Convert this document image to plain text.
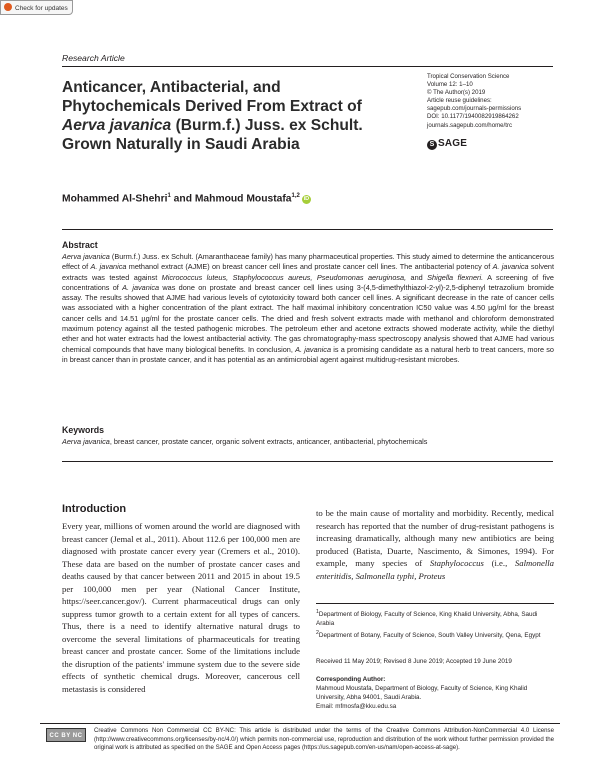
Check for updates
Research Article
Anticancer, Antibacterial, and
Phytochemicals Derived From Extract of
Aerva javanica (Burm.f.) Juss. ex Schult.
Grown Naturally in Saudi Arabia
Tropical Conservation Science
Volume 12: 1–10
© The Author(s) 2019
Article reuse guidelines:
sagepub.com/journals-permissions
DOI: 10.1177/1940082919864262
journals.sagepub.com/home/trc
S SAGE
Mohammed Al-Shehri$^1$ and Mahmoud Moustafa$^{1,2}$iD
Abstract
Aerva javanica (Burm.f.) Juss. ex Schult. (Amaranthaceae family) has many pharmaceutical properties. This study aimed to determine the anticancerous effect of A. javanica methanol extract (AJME) on breast cancer cell lines and prostate cancer cell lines. The antibacterial potency of A. javanica solvent extracts was tested against Micrococcus luteus, Staphylococcus aureus, Pseudomonas aeruginosa, and Shigella flexneri. A screening of five concentrations of A. javanica was done on prostate and breast cancer cell lines using 3-(4,5-dimethylthiazol-2-yl)-2,5-diphenyl tetrazolium bromide assay. The results showed that AJME had various levels of cytotoxicity toward both cancer cell lines. A significant decrease in the rate of cancer cells was associated with a higher concentration of the plant extract. The half maximal inhibitory concentration IC50 value was 4.50 µg/ml for the breast cancer cells and 14.51 µg/ml for the prostate cancer cells. The dried and fresh solvent extracts made with methanol and chloroform demonstrated maximum potency against all the tested pathogenic microbes. The petroleum ether and acetone extracts showed moderate activity, while the diethyl ether and hot water extracts had the lowest antibacterial activity. The gas chromatography-mass spectroscopy analysis showed that AJME had various chemical compounds that have many biological benefits. In conclusion, A. javanica is a promising candidate as a natural herb to treat cancers, more so in breast cancer than in prostate cancer, and it has potential as an antimicrobial agent against multidrug-resistant microbes.
Keywords
Aerva javanica, breast cancer, prostate cancer, organic solvent extracts, anticancer, antibacterial, phytochemicals
Introduction
Every year, millions of women around the world are diagnosed with breast cancer (Jemal et al., 2011). About 112.6 per 100,000 men are diagnosed with prostate cancer every year (Cremers et al., 2010). These data are based on the number of prostate cancer cases and deaths caused by that cancer between 2011 and 2015 in about 19.5 per 100,000 men per year (National Cancer Institute, https://seer.cancer.gov/). Current pharmaceutical drugs can only suppress tumor growth to a certain extent for all types of cancers. Thus, there is a need to identify alternative natural drugs to overcome the several limitations of pharmaceuticals for treating breast cancer and prostate cancer. Some of the limitations include the disruption of the patients' immune system due to the severe side effects of synthetic chemical drugs. Moreover, cancerous cell metastasis is considered
to be the main cause of mortality and morbidity. Recently, medical research has reported that the number of drug-resistant pathogens is increasing dramatically, although many new antibiotics are being produced (Batista, Duarte, Nascimento, & Simones, 1994). For example, many species of Staphylococcus (i.e., Salmonella enteritidis, Salmonella typhi, Proteus
$^1$Department of Biology, Faculty of Science, King Khalid University, Abha, Saudi Arabia
$^2$Department of Botany, Faculty of Science, South Valley University, Qena, Egypt
Received 11 May 2019; Revised 8 June 2019; Accepted 19 June 2019
Corresponding Author:
Mahmoud Moustafa, Department of Biology, Faculty of Science, King Khalid University, Abha 94001, Saudi Arabia.
Email: mfmosfa@kku.edu.sa
CC BY NC
Creative Commons Non Commercial CC BY-NC: This article is distributed under the terms of the Creative Commons Attribution-NonCommercial 4.0 License (http://www.creativecommons.org/licenses/by-nc/4.0/) which permits non-commercial use, reproduction and distribution of the work without further permission provided the original work is attributed as specified on the SAGE and Open Access pages (https://us.sagepub.com/en-us/nam/open-access-at-sage).
